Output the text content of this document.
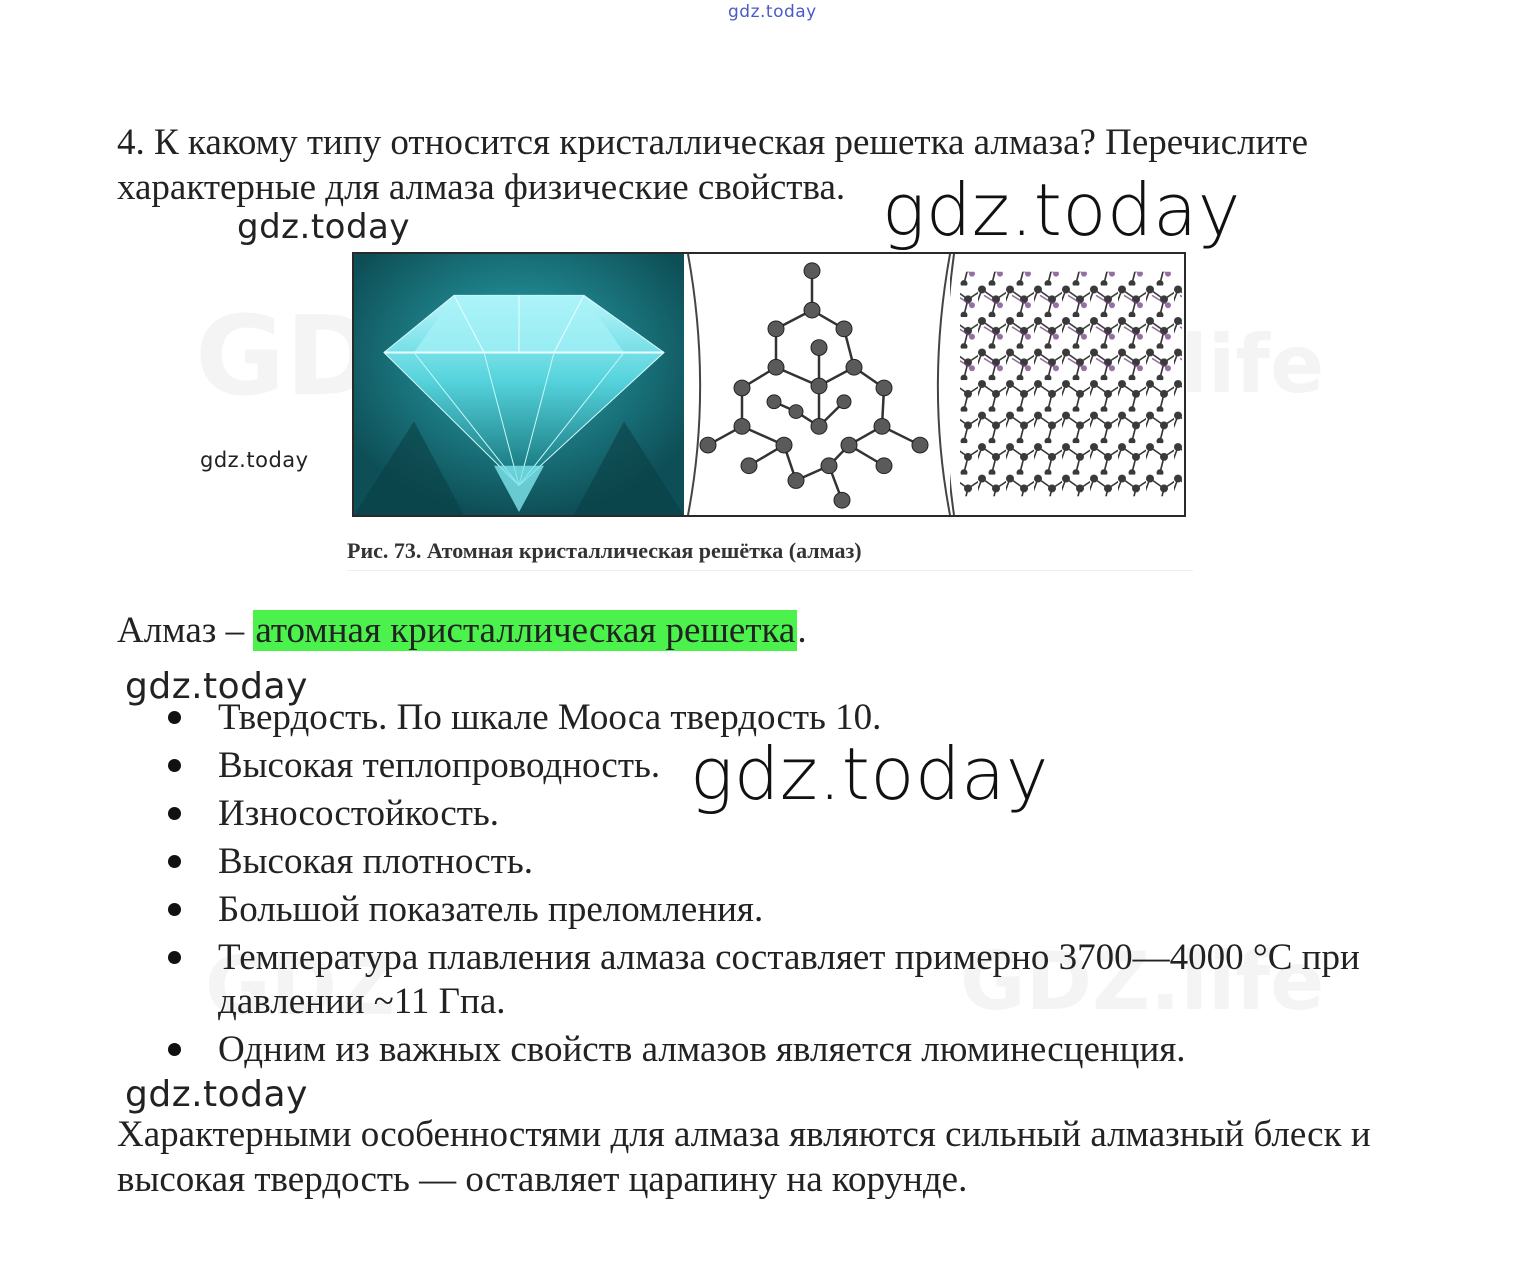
gdz.today

4. К какому типу относится кристаллическая решетка алмаза? Перечислите характерные для алмаза физические свойства. gdz.today
gdz.today
gdz.today

Рис. 73. Атомная кристаллическая решётка (алмаз)

Алмаз – атомная кристаллическая решетка.

gdz.today
Твердость. По шкале Мооса твердость 10.
Высокая теплопроводность.
Износостойкость.
Высокая плотность.
Большой показатель преломления.
Температура плавления алмаза составляет примерно 3700—4000 °С при давлении ~11 Гпа.
Одним из важных свойств алмазов является люминесценция.
gdz.today
gdz.today

Характерными особенностями для алмаза являются сильный алмазный блеск и высокая твердость — оставляет царапину на корунде.
